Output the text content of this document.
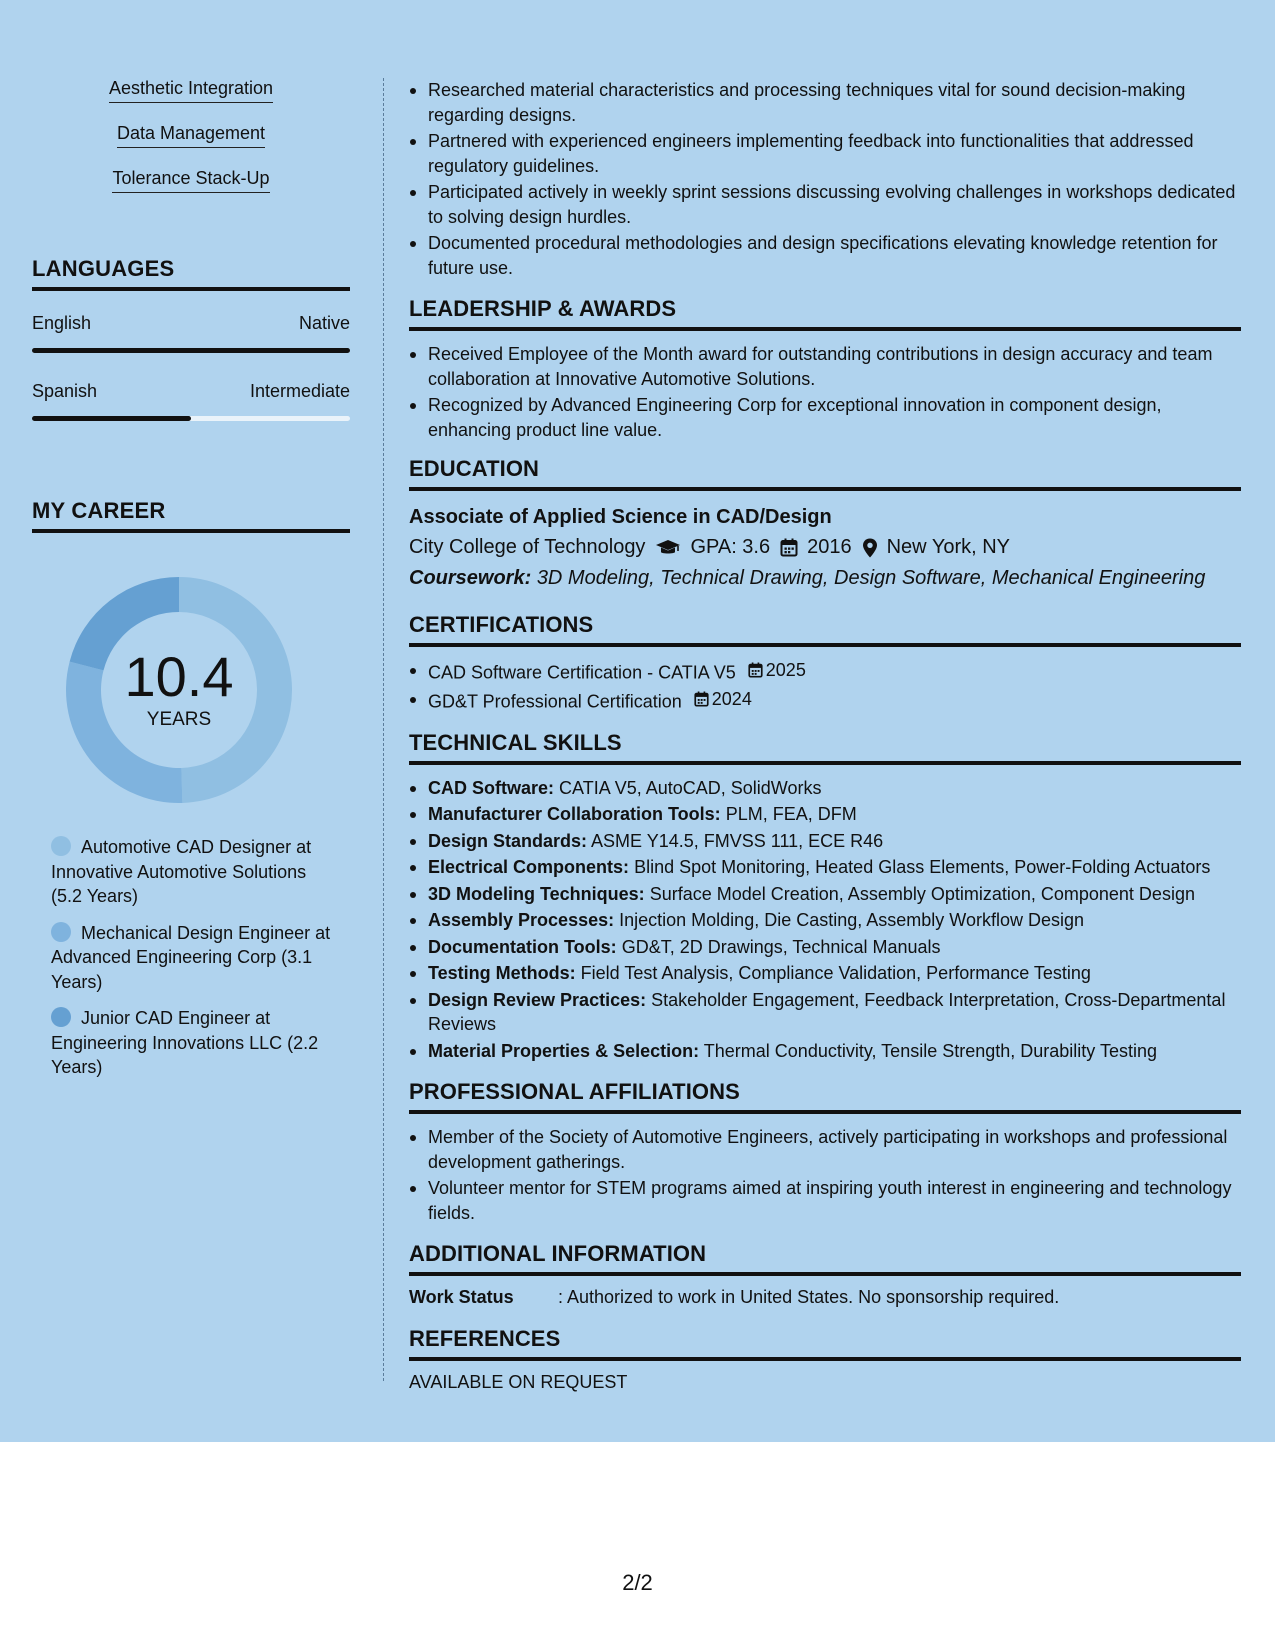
Aesthetic Integration
Data Management
Tolerance Stack-Up
LANGUAGES
English	Native
Spanish	Intermediate
MY CAREER
10.4
YEARS
Automotive CAD Designer at Innovative Automotive Solutions (5.2 Years)
Mechanical Design Engineer at Advanced Engineering Corp (3.1 Years)
Junior CAD Engineer at Engineering Innovations LLC (2.2 Years)
Researched material characteristics and processing techniques vital for sound decision-making regarding designs.
Partnered with experienced engineers implementing feedback into functionalities that addressed regulatory guidelines.
Participated actively in weekly sprint sessions discussing evolving challenges in workshops dedicated to solving design hurdles.
Documented procedural methodologies and design specifications elevating knowledge retention for future use.
LEADERSHIP & AWARDS
Received Employee of the Month award for outstanding contributions in design accuracy and team collaboration at Innovative Automotive Solutions.
Recognized by Advanced Engineering Corp for exceptional innovation in component design, enhancing product line value.
EDUCATION
Associate of Applied Science in CAD/Design
City College of Technology GPA: 3.6 2016 New York, NY
Coursework: 3D Modeling, Technical Drawing, Design Software, Mechanical Engineering
CERTIFICATIONS
CAD Software Certification - CATIA V5 2025
GD&T Professional Certification 2024
TECHNICAL SKILLS
CAD Software: CATIA V5, AutoCAD, SolidWorks
Manufacturer Collaboration Tools: PLM, FEA, DFM
Design Standards: ASME Y14.5, FMVSS 111, ECE R46
Electrical Components: Blind Spot Monitoring, Heated Glass Elements, Power-Folding Actuators
3D Modeling Techniques: Surface Model Creation, Assembly Optimization, Component Design
Assembly Processes: Injection Molding, Die Casting, Assembly Workflow Design
Documentation Tools: GD&T, 2D Drawings, Technical Manuals
Testing Methods: Field Test Analysis, Compliance Validation, Performance Testing
Design Review Practices: Stakeholder Engagement, Feedback Interpretation, Cross-Departmental Reviews
Material Properties & Selection: Thermal Conductivity, Tensile Strength, Durability Testing
PROFESSIONAL AFFILIATIONS
Member of the Society of Automotive Engineers, actively participating in workshops and professional development gatherings.
Volunteer mentor for STEM programs aimed at inspiring youth interest in engineering and technology fields.
ADDITIONAL INFORMATION
Work Status	: Authorized to work in United States. No sponsorship required.
REFERENCES
AVAILABLE ON REQUEST
2/2
